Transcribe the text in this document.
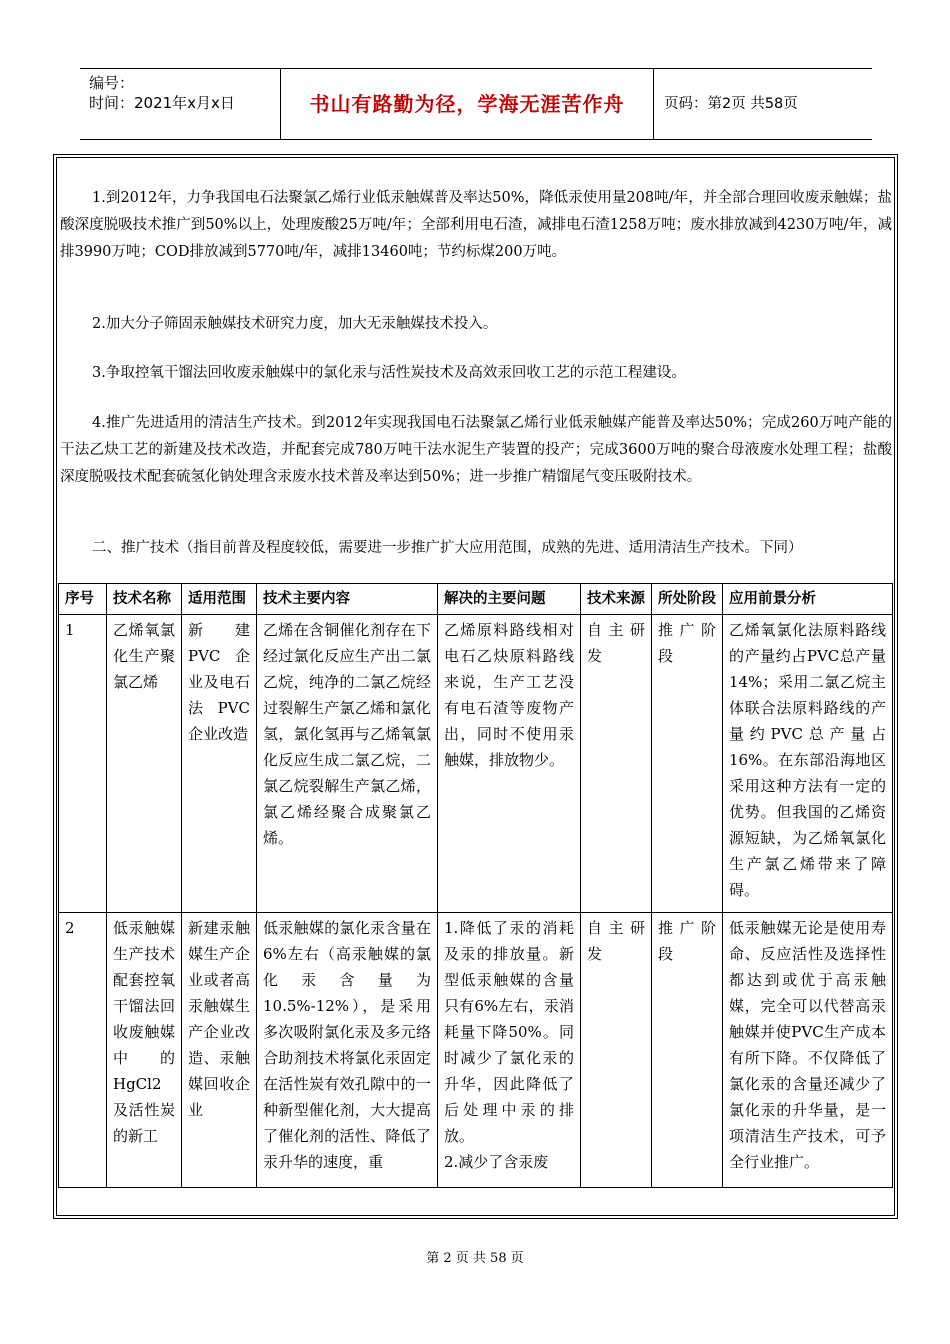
编号：
时间：2021年x月x日	书山有路勤为径，学海无涯苦作舟	页码：第2页 共58页

1.到2012年，力争我国电石法聚氯乙烯行业低汞触媒普及率达50%，降低汞使用量208吨/年，并全部合理回收废汞触媒；盐酸深度脱吸技术推广到50%以上，处理废酸25万吨/年；全部利用电石渣，减排电石渣1258万吨；废水排放减到4230万吨/年，减排3990万吨；COD排放减到5770吨/年，减排13460吨；节约标煤200万吨。

2.加大分子筛固汞触媒技术研究力度，加大无汞触媒技术投入。

3.争取控氧干馏法回收废汞触媒中的氯化汞与活性炭技术及高效汞回收工艺的示范工程建设。

4.推广先进适用的清洁生产技术。到2012年实现我国电石法聚氯乙烯行业低汞触媒产能普及率达50%；完成260万吨产能的干法乙炔工艺的新建及技术改造，并配套完成780万吨干法水泥生产装置的投产；完成3600万吨的聚合母液废水处理工程；盐酸深度脱吸技术配套硫氢化钠处理含汞废水技术普及率达到50%；进一步推广精馏尾气变压吸附技术。

二、推广技术（指目前普及程度较低，需要进一步推广扩大应用范围，成熟的先进、适用清洁生产技术。下同）

序号	技术名称	适用范围	技术主要内容	解决的主要问题	技术来源	所处阶段	应用前景分析
1	乙烯氧氯化生产聚氯乙烯	新建PVC企业及电石法PVC企业改造	乙烯在含铜催化剂存在下经过氯化反应生产出二氯乙烷，纯净的二氯乙烷经过裂解生产氯乙烯和氯化氢，氯化氢再与乙烯氧氯化反应生成二氯乙烷，二氯乙烷裂解生产氯乙烯，氯乙烯经聚合成聚氯乙烯。	乙烯原料路线相对电石乙炔原料路线来说，生产工艺没有电石渣等废物产出，同时不使用汞触媒，排放物少。	自主研发	推广阶段	乙烯氧氯化法原料路线的产量约占PVC总产量14%；采用二氯乙烷主体联合法原料路线的产量约PVC总产量占16%。在东部沿海地区采用这种方法有一定的优势。但我国的乙烯资源短缺，为乙烯氧氯化生产氯乙烯带来了障碍。
2	低汞触媒生产技术配套控氧干馏法回收废触媒中的HgCl2及活性炭的新工	新建汞触媒生产企业或者高汞触媒生产企业改造、汞触媒回收企业	低汞触媒的氯化汞含量在6%左右（高汞触媒的氯化汞含量为10.5%-12%），是采用多次吸附氯化汞及多元络合助剂技术将氯化汞固定在活性炭有效孔隙中的一种新型催化剂，大大提高了催化剂的活性、降低了汞升华的速度，重	1.降低了汞的消耗及汞的排放量。新型低汞触媒的含量只有6%左右，汞消耗量下降50%。同时减少了氯化汞的升华，因此降低了后处理中汞的排放。
2.减少了含汞废	自主研发	推广阶段	低汞触媒无论是使用寿命、反应活性及选择性都达到或优于高汞触媒，完全可以代替高汞触媒并使PVC生产成本有所下降。不仅降低了氯化汞的含量还减少了氯化汞的升华量，是一项清洁生产技术，可予全行业推广。
第 2 页 共 58 页
